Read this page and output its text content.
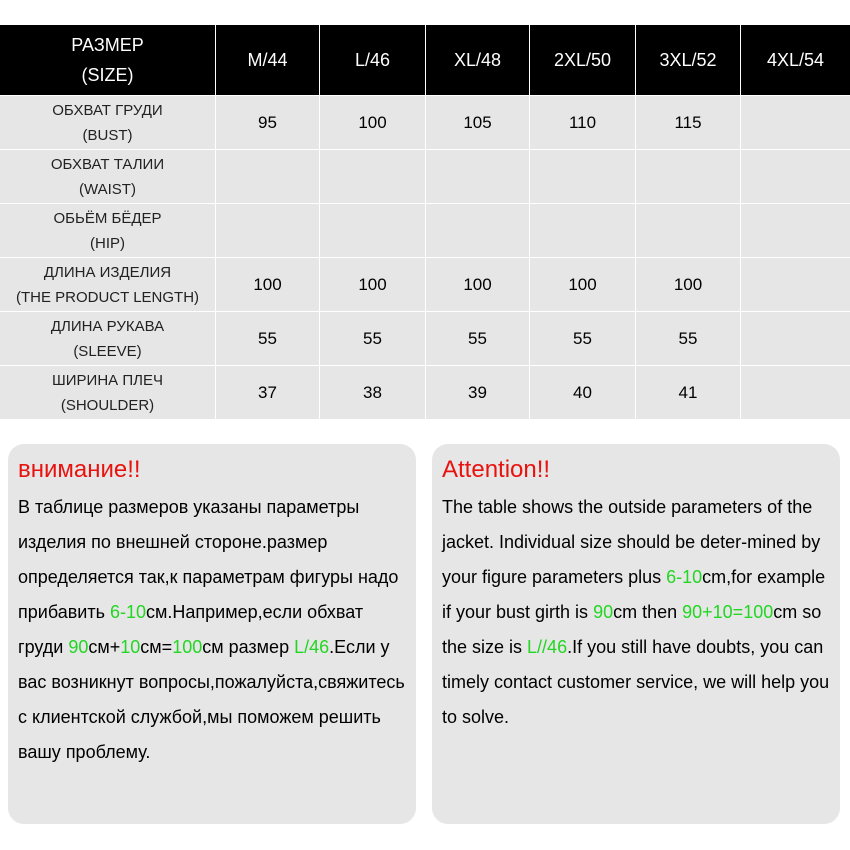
РАЗМЕР
(SIZE)
M/44	L/46	XL/48	2XL/50	3XL/52	4XL/54
ОБХВАТ ГРУДИ
(BUST)
95	100	105	110	115
ОБХВАТ ТАЛИИ
(WAIST)
ОБЬЁМ БЁДЕР
(HIP)
ДЛИНА ИЗДЕЛИЯ
(THE PRODUCT LENGTH)
100	100	100	100	100
ДЛИНА РУКАВА
(SLEEVE)
55	55	55	55	55
ШИРИНА ПЛЕЧ
(SHOULDER)
37	38	39	40	41
внимание!!
В таблице размеров указаны параметры изделия по внешней стороне.размер определяется так,к параметрам фигуры надо прибавить 6-10см.Например,если обхват груди 90см+10см=100см размер L/46.Если у вас возникнут вопросы,пожалуйста,свяжитесь с клиентской службой,мы поможем решить вашу проблему.
Attention!!
The table shows the outside parameters of the jacket. Individual size should be deter-mined by your figure parameters plus 6-10cm,for example if your bust girth is 90cm then 90+10=100cm so the size is L//46.If you still have doubts, you can timely contact customer service, we will help you to solve.
